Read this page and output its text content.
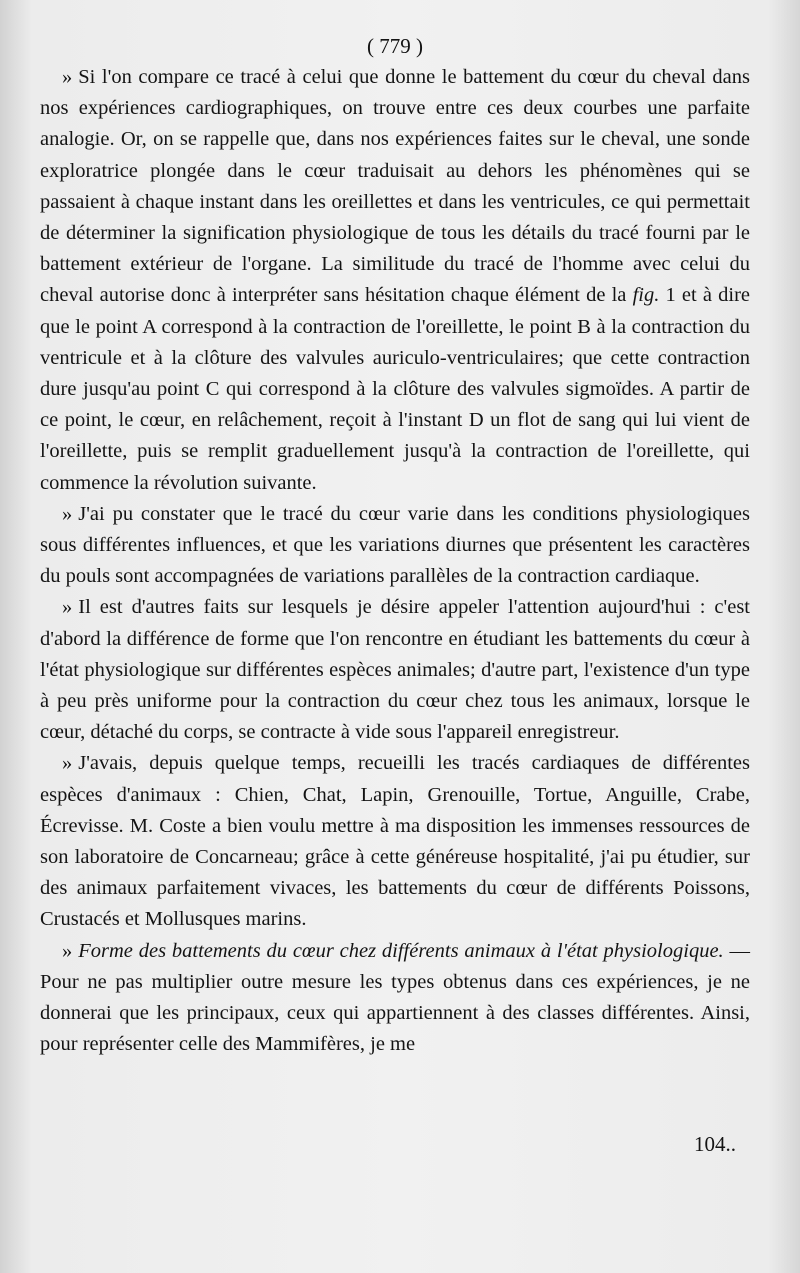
( 779 )

» Si l'on compare ce tracé à celui que donne le battement du cœur du cheval dans nos expériences cardiographiques, on trouve entre ces deux courbes une parfaite analogie. Or, on se rappelle que, dans nos expériences faites sur le cheval, une sonde exploratrice plongée dans le cœur traduisait au dehors les phénomènes qui se passaient à chaque instant dans les oreillettes et dans les ventricules, ce qui permettait de déterminer la signification physiologique de tous les détails du tracé fourni par le battement extérieur de l'organe. La similitude du tracé de l'homme avec celui du cheval autorise donc à interpréter sans hésitation chaque élément de la fig. 1 et à dire que le point A correspond à la contraction de l'oreillette, le point B à la contraction du ventricule et à la clôture des valvules auriculo-ventriculaires; que cette contraction dure jusqu'au point C qui correspond à la clôture des valvules sigmoïdes. A partir de ce point, le cœur, en relâchement, reçoit à l'instant D un flot de sang qui lui vient de l'oreillette, puis se remplit graduellement jusqu'à la contraction de l'oreillette, qui commence la révolution suivante.

» J'ai pu constater que le tracé du cœur varie dans les conditions physiologiques sous différentes influences, et que les variations diurnes que présentent les caractères du pouls sont accompagnées de variations parallèles de la contraction cardiaque.

» Il est d'autres faits sur lesquels je désire appeler l'attention aujourd'hui : c'est d'abord la différence de forme que l'on rencontre en étudiant les battements du cœur à l'état physiologique sur différentes espèces animales; d'autre part, l'existence d'un type à peu près uniforme pour la contraction du cœur chez tous les animaux, lorsque le cœur, détaché du corps, se contracte à vide sous l'appareil enregistreur.

» J'avais, depuis quelque temps, recueilli les tracés cardiaques de différentes espèces d'animaux : Chien, Chat, Lapin, Grenouille, Tortue, Anguille, Crabe, Écrevisse. M. Coste a bien voulu mettre à ma disposition les immenses ressources de son laboratoire de Concarneau; grâce à cette généreuse hospitalité, j'ai pu étudier, sur des animaux parfaitement vivaces, les battements du cœur de différents Poissons, Crustacés et Mollusques marins.

» Forme des battements du cœur chez différents animaux à l'état physiologique. — Pour ne pas multiplier outre mesure les types obtenus dans ces expériences, je ne donnerai que les principaux, ceux qui appartiennent à des classes différentes. Ainsi, pour représenter celle des Mammifères, je me

104..
